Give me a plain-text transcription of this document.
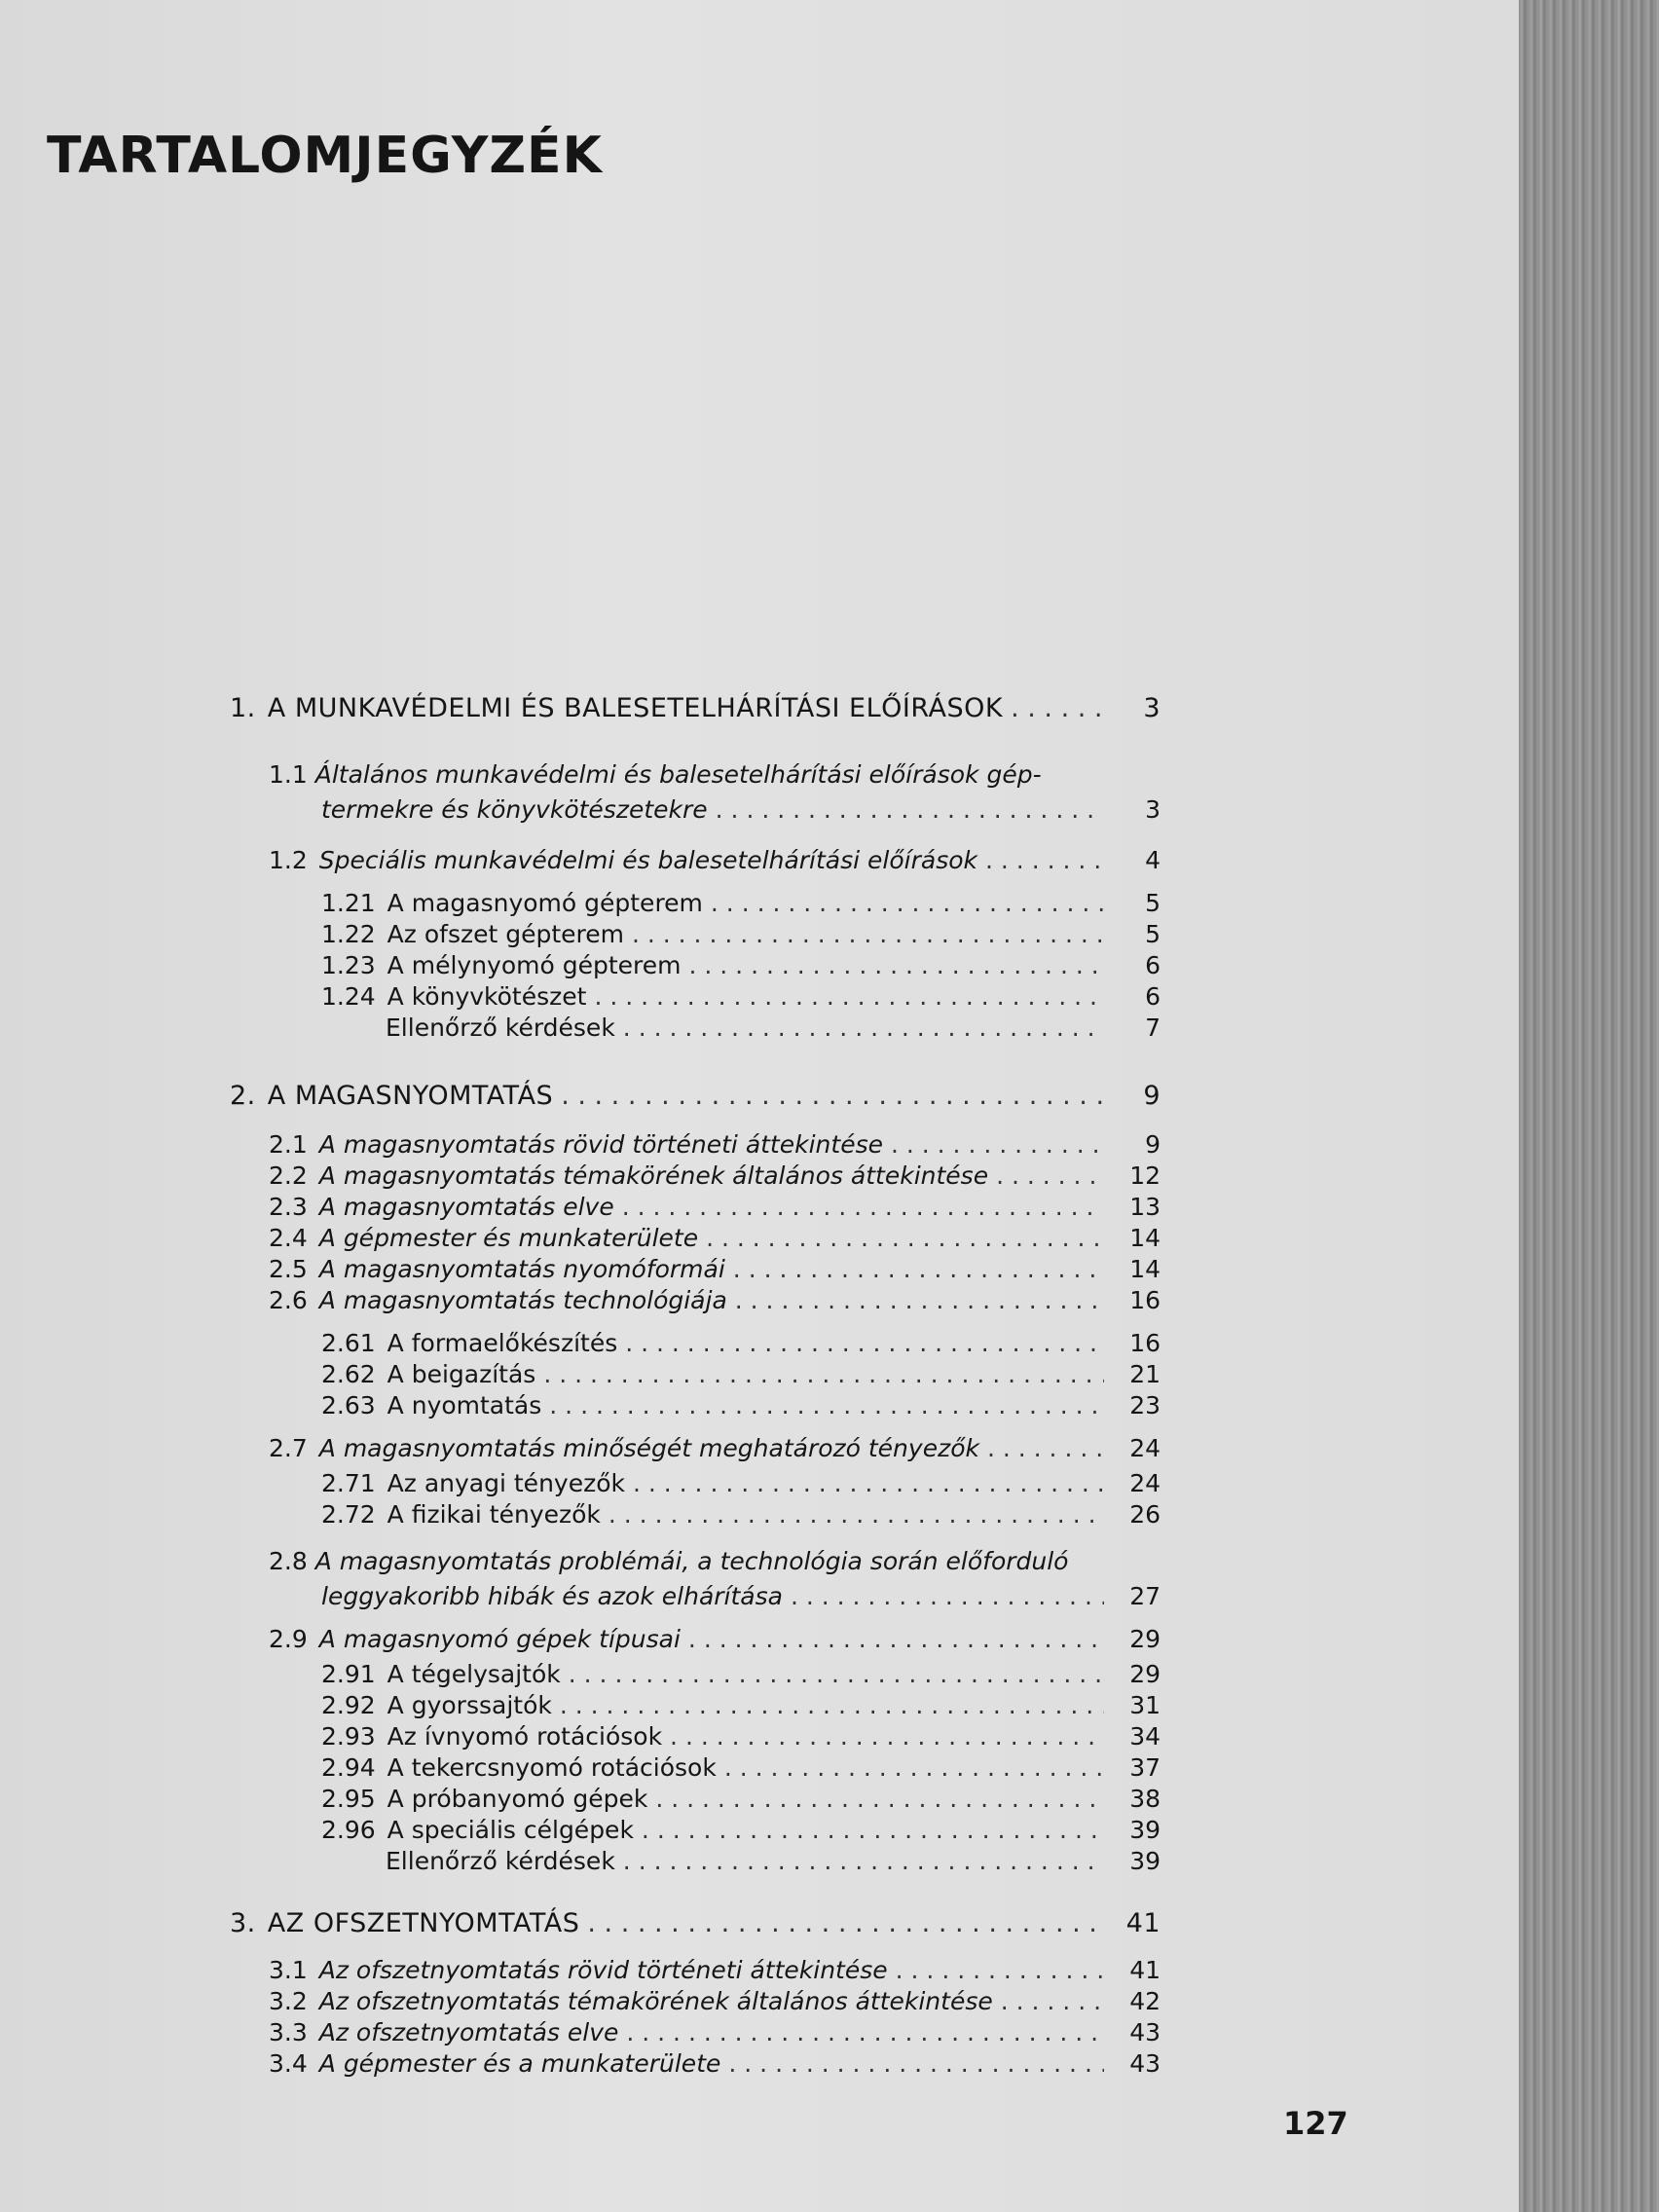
TARTALOMJEGYZÉK
1. A MUNKAVÉDELMI ÉS BALESETELHÁRÍTÁSI ELŐÍRÁSOK . . .	3
1.1 Általános munkavédelmi és balesetelhárítási előírások gép-
termekre és könyvkötészetekre . . .	3
1.2 Speciális munkavédelmi és balesetelhárítási előírások . . .	4
1.21 A magasnyomó gépterem . . .	5
1.22 Az ofszet gépterem . . .	5
1.23 A mélynyomó gépterem . . .	6
1.24 A könyvkötészet . . .	6
Ellenőrző kérdések . . .	7
2. A MAGASNYOMTATÁS . . .	9
2.1 A magasnyomtatás rövid történeti áttekintése . . .	9
2.2 A magasnyomtatás témakörének általános áttekintése . . .	12
2.3 A magasnyomtatás elve . . .	13
2.4 A gépmester és munkaterülete . . .	14
2.5 A magasnyomtatás nyomóformái . . .	14
2.6 A magasnyomtatás technológiája . . .	16
2.61 A formaelőkészítés . . .	16
2.62 A beigazítás . . .	21
2.63 A nyomtatás . . .	23
2.7 A magasnyomtatás minőségét meghatározó tényezők . . .	24
2.71 Az anyagi tényezők . . .	24
2.72 A fizikai tényezők . . .	26
2.8 A magasnyomtatás problémái, a technológia során előforduló
leggyakoribb hibák és azok elhárítása . . .	27
2.9 A magasnyomó gépek típusai . . .	29
2.91 A tégelysajtók . . .	29
2.92 A gyorssajtók . . .	31
2.93 Az ívnyomó rotációsok . . .	34
2.94 A tekercsnyomó rotációsok . . .	37
2.95 A próbanyomó gépek . . .	38
2.96 A speciális célgépek . . .	39
Ellenőrző kérdések . . .	39
3. AZ OFSZETNYOMTATÁS . . .	41
3.1 Az ofszetnyomtatás rövid történeti áttekintése . . .	41
3.2 Az ofszetnyomtatás témakörének általános áttekintése . . .	42
3.3 Az ofszetnyomtatás elve . . .	43
3.4 A gépmester és a munkaterülete . . .	43
127
